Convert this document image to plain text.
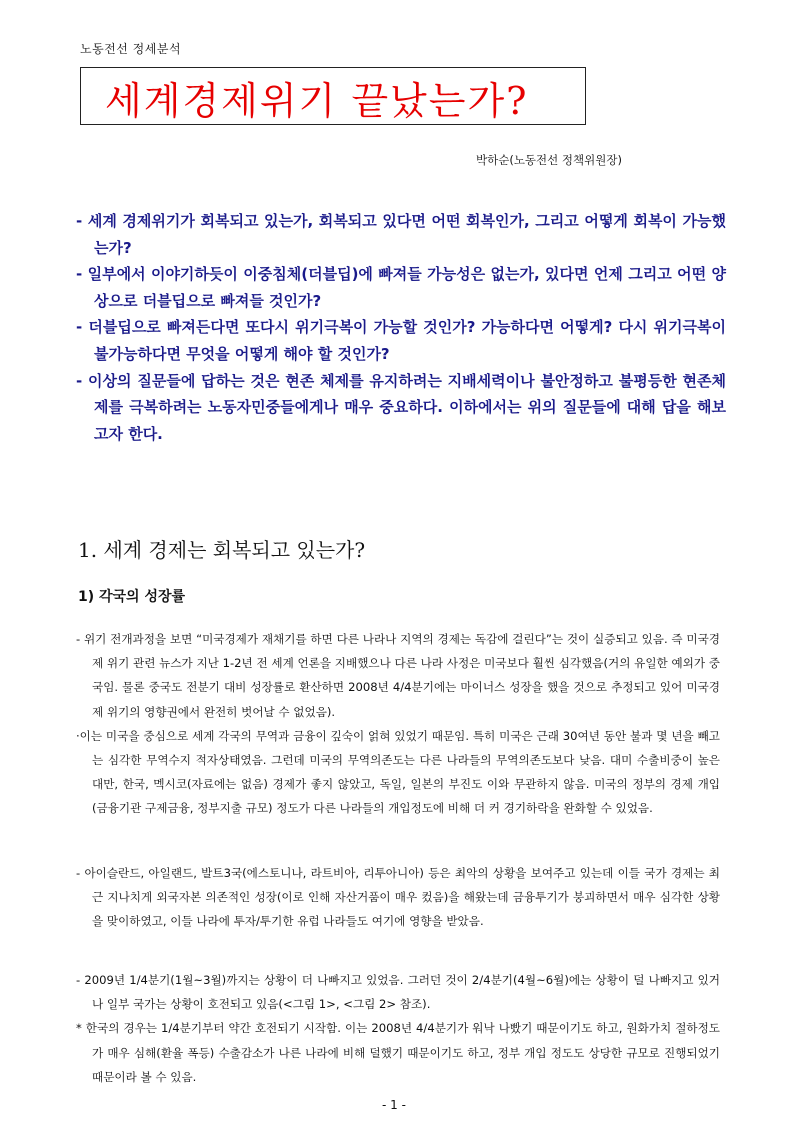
노동전선 정세분석
세계경제위기 끝났는가?
박하순(노동전선 정책위원장)
- 세계 경제위기가 회복되고 있는가, 회복되고 있다면 어떤 회복인가, 그리고 어떻게 회복이 가능했는가?
- 일부에서 이야기하듯이 이중침체(더블딥)에 빠져들 가능성은 없는가, 있다면 언제 그리고 어떤 양상으로 더블딥으로 빠져들 것인가?
- 더블딥으로 빠져든다면 또다시 위기극복이 가능할 것인가? 가능하다면 어떻게? 다시 위기극복이 불가능하다면 무엇을 어떻게 해야 할 것인가?
- 이상의 질문들에 답하는 것은 현존 체제를 유지하려는 지배세력이나 불안정하고 불평등한 현존체제를 극복하려는 노동자민중들에게나 매우 중요하다. 이하에서는 위의 질문들에 대해 답을 해보고자 한다.
1. 세계 경제는 회복되고 있는가?
1) 각국의 성장률
- 위기 전개과정을 보면 “미국경제가 재채기를 하면 다른 나라나 지역의 경제는 독감에 걸린다”는 것이 실증되고 있음. 즉 미국경제 위기 관련 뉴스가 지난 1-2년 전 세계 언론을 지배했으나 다른 나라 사정은 미국보다 훨씬 심각했음(거의 유일한 예외가 중국임. 물론 중국도 전분기 대비 성장률로 환산하면 2008년 4/4분기에는 마이너스 성장을 했을 것으로 추정되고 있어 미국경제 위기의 영향권에서 완전히 벗어날 수 없었음).
·이는 미국을 중심으로 세계 각국의 무역과 금융이 깊숙이 얽혀 있었기 때문임. 특히 미국은 근래 30여년 동안 불과 몇 년을 빼고는 심각한 무역수지 적자상태였음. 그런데 미국의 무역의존도는 다른 나라들의 무역의존도보다 낮음. 대미 수출비중이 높은 대만, 한국, 멕시코(자료에는 없음) 경제가 좋지 않았고, 독일, 일본의 부진도 이와 무관하지 않음. 미국의 정부의 경제 개입(금융기관 구제금융, 정부지출 규모) 정도가 다른 나라들의 개입정도에 비해 더 커 경기하락을 완화할 수 있었음.
- 아이슬란드, 아일랜드, 발트3국(에스토니나, 라트비아, 리투아니아) 등은 최악의 상황을 보여주고 있는데 이들 국가 경제는 최근 지나치게 외국자본 의존적인 성장(이로 인해 자산거품이 매우 컸음)을 해왔는데 금융투기가 붕괴하면서 매우 심각한 상황을 맞이하였고, 이들 나라에 투자/투기한 유럽 나라들도 여기에 영향을 받았음.
- 2009년 1/4분기(1월~3월)까지는 상황이 더 나빠지고 있었음. 그러던 것이 2/4분기(4월~6월)에는 상황이 덜 나빠지고 있거나 일부 국가는 상황이 호전되고 있음(<그림 1>, <그림 2> 참조).
* 한국의 경우는 1/4분기부터 약간 호전되기 시작함. 이는 2008년 4/4분기가 워낙 나빴기 때문이기도 하고, 원화가치 절하정도가 매우 심해(환율 폭등) 수출감소가 나른 나라에 비해 덜했기 때문이기도 하고, 정부 개입 정도도 상당한 규모로 진행되었기 때문이라 볼 수 있음.
- 1 -
